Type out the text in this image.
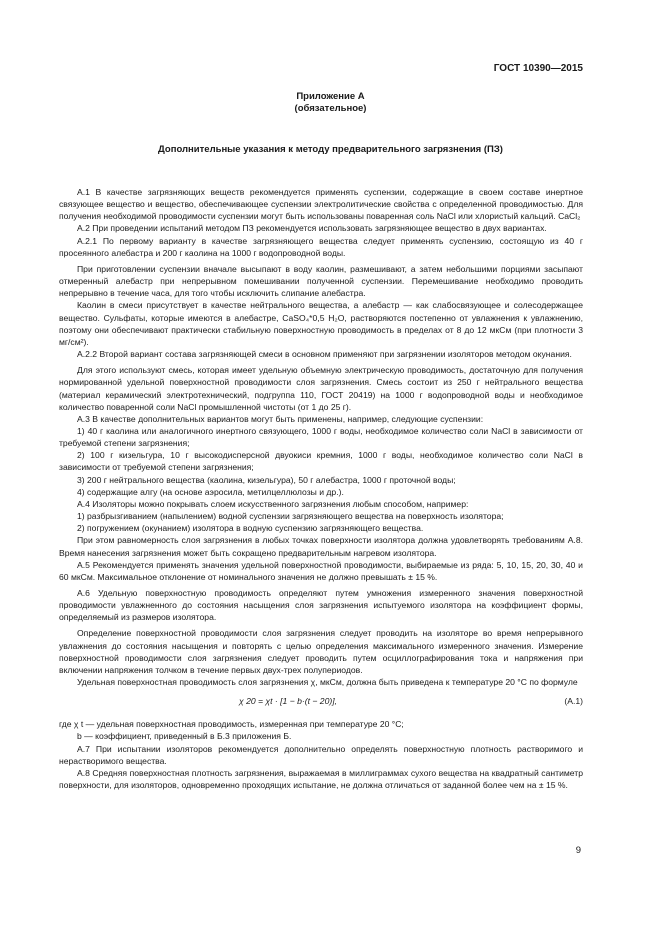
ГОСТ 10390—2015
Приложение А
(обязательное)
Дополнительные указания к методу предварительного загрязнения (ПЗ)

А.1 В качестве загрязняющих веществ рекомендуется применять суспензии, содержащие в своем составе инертное связующее вещество и вещество, обеспечивающее суспензии электролитические свойства с определенной проводимостью. Для получения необходимой проводимости суспензии могут быть использованы поваренная соль NaCl или хлористый кальций. CaCl₂

А.2 При проведении испытаний методом ПЗ рекомендуется использовать загрязняющее вещество в двух вариантах.

А.2.1 По первому варианту в качестве загрязняющего вещества следует применять суспензию, состоящую из 40 г просеянного алебастра и 200 г каолина на 1000 г водопроводной воды.

При приготовлении суспензии вначале высыпают в воду каолин, размешивают, а затем небольшими порциями засыпают отмеренный алебастр при непрерывном помешивании полученной суспензии. Перемешивание необходимо проводить непрерывно в течение часа, для того чтобы исключить слипание алебастра.

Каолин в смеси присутствует в качестве нейтрального вещества, а алебастр — как слабосвязующее и солесодержащее вещество. Сульфаты, которые имеются в алебастре, CaSO₄*0,5 H₂O, растворяются постепенно от увлажнения к увлажнению, поэтому они обеспечивают практически стабильную поверхностную проводимость в пределах от 8 до 12 мкСм (при плотности 3 мг/см²).

А.2.2 Второй вариант состава загрязняющей смеси в основном применяют при загрязнении изоляторов методом окунания.

Для этого используют смесь, которая имеет удельную объемную электрическую проводимость, достаточную для получения нормированной удельной поверхностной проводимости слоя загрязнения. Смесь состоит из 250 г нейтрального вещества (материал керамический электротехнический, подгруппа 110, ГОСТ 20419) на 1000 г водопроводной воды и необходимое количество поваренной соли NaCl промышленной чистоты (от 1 до 25 г).

А.3 В качестве дополнительных вариантов могут быть применены, например, следующие суспензии:

1) 40 г каолина или аналогичного инертного связующего, 1000 г воды, необходимое количество соли NaCl в зависимости от требуемой степени загрязнения;

2) 100 г кизельгура, 10 г высокодисперсной двуокиси кремния, 1000 г воды, необходимое количество соли NaCl в зависимости от требуемой степени загрязнения;

3) 200 г нейтрального вещества (каолина, кизельгура), 50 г алебастра, 1000 г проточной воды;

4) содержащие алгу (на основе аэросила, метилцеллюлозы и др.).

А.4 Изоляторы можно покрывать слоем искусственного загрязнения любым способом, например:

1) разбрызгиванием (напылением) водной суспензии загрязняющего вещества на поверхность изолятора;

2) погружением (окунанием) изолятора в водную суспензию загрязняющего вещества.

При этом равномерность слоя загрязнения в любых точках поверхности изолятора должна удовлетворять требованиям А.8. Время нанесения загрязнения может быть сокращено предварительным нагревом изолятора.

А.5 Рекомендуется применять значения удельной поверхностной проводимости, выбираемые из ряда: 5, 10, 15, 20, 30, 40 и 60 мкСм. Максимальное отклонение от номинального значения не должно превышать ± 15 %.

А.6 Удельную поверхностную проводимость определяют путем умножения измеренного значения поверхностной проводимости увлажненного до состояния насыщения слоя загрязнения испытуемого изолятора на коэффициент формы, определяемый из размеров изолятора.

Определение поверхностной проводимости слоя загрязнения следует проводить на изоляторе во время непрерывного увлажнения до состояния насыщения и повторять с целью определения максимального измеренного значения. Измерение поверхностной проводимости слоя загрязнения следует проводить путем осциллографирования тока и напряжения при включении напряжения толчком в течение первых двух-трех полупериодов.

Удельная поверхностная проводимость слоя загрязнения χ, мкСм, должна быть приведена к температуре 20 °С по формуле

χ 20 = χt · [1 − b·(t − 20)],	(А.1)

где χ t — удельная поверхностная проводимость, измеренная при температуре 20 °С;

b — коэффициент, приведенный в Б.3 приложения Б.

А.7 При испытании изоляторов рекомендуется дополнительно определять поверхностную плотность растворимого и нерастворимого вещества.

А.8 Средняя поверхностная плотность загрязнения, выражаемая в миллиграммах сухого вещества на квадратный сантиметр поверхности, для изоляторов, одновременно проходящих испытание, не должна отличаться от заданной более чем на ± 15 %.

9
